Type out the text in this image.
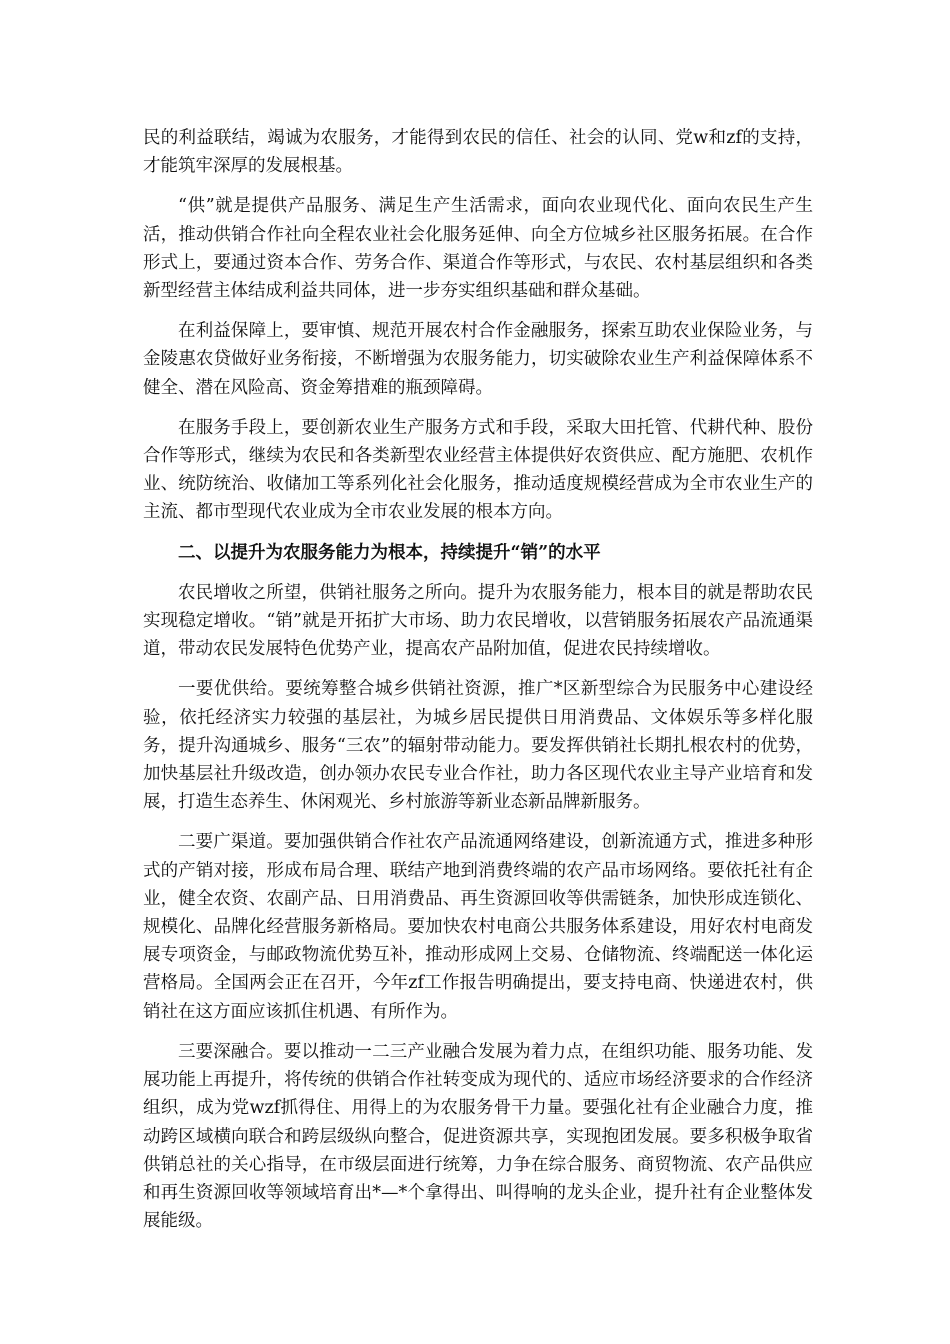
民的利益联结，竭诚为农服务，才能得到农民的信任、社会的认同、党w和zf的支持，才能筑牢深厚的发展根基。

“供”就是提供产品服务、满足生产生活需求，面向农业现代化、面向农民生产生活，推动供销合作社向全程农业社会化服务延伸、向全方位城乡社区服务拓展。在合作形式上，要通过资本合作、劳务合作、渠道合作等形式，与农民、农村基层组织和各类新型经营主体结成利益共同体，进一步夯实组织基础和群众基础。

在利益保障上，要审慎、规范开展农村合作金融服务，探索互助农业保险业务，与金陵惠农贷做好业务衔接，不断增强为农服务能力，切实破除农业生产利益保障体系不健全、潜在风险高、资金筹措难的瓶颈障碍。

在服务手段上，要创新农业生产服务方式和手段，采取大田托管、代耕代种、股份合作等形式，继续为农民和各类新型农业经营主体提供好农资供应、配方施肥、农机作业、统防统治、收储加工等系列化社会化服务，推动适度规模经营成为全市农业生产的主流、都市型现代农业成为全市农业发展的根本方向。

二、以提升为农服务能力为根本，持续提升“销”的水平

农民增收之所望，供销社服务之所向。提升为农服务能力，根本目的就是帮助农民实现稳定增收。“销”就是开拓扩大市场、助力农民增收，以营销服务拓展农产品流通渠道，带动农民发展特色优势产业，提高农产品附加值，促进农民持续增收。

一要优供给。要统筹整合城乡供销社资源，推广*区新型综合为民服务中心建设经验，依托经济实力较强的基层社，为城乡居民提供日用消费品、文体娱乐等多样化服务，提升沟通城乡、服务“三农”的辐射带动能力。要发挥供销社长期扎根农村的优势，加快基层社升级改造，创办领办农民专业合作社，助力各区现代农业主导产业培育和发展，打造生态养生、休闲观光、乡村旅游等新业态新品牌新服务。

二要广渠道。要加强供销合作社农产品流通网络建设，创新流通方式，推进多种形式的产销对接，形成布局合理、联结产地到消费终端的农产品市场网络。要依托社有企业，健全农资、农副产品、日用消费品、再生资源回收等供需链条，加快形成连锁化、规模化、品牌化经营服务新格局。要加快农村电商公共服务体系建设，用好农村电商发展专项资金，与邮政物流优势互补，推动形成网上交易、仓储物流、终端配送一体化运营格局。全国两会正在召开，今年zf工作报告明确提出，要支持电商、快递进农村，供销社在这方面应该抓住机遇、有所作为。

三要深融合。要以推动一二三产业融合发展为着力点，在组织功能、服务功能、发展功能上再提升，将传统的供销合作社转变成为现代的、适应市场经济要求的合作经济组织，成为党wzf抓得住、用得上的为农服务骨干力量。要强化社有企业融合力度，推动跨区域横向联合和跨层级纵向整合，促进资源共享，实现抱团发展。要多积极争取省供销总社的关心指导，在市级层面进行统筹，力争在综合服务、商贸物流、农产品供应和再生资源回收等领域培育出*—*个拿得出、叫得响的龙头企业，提升社有企业整体发展能级。
